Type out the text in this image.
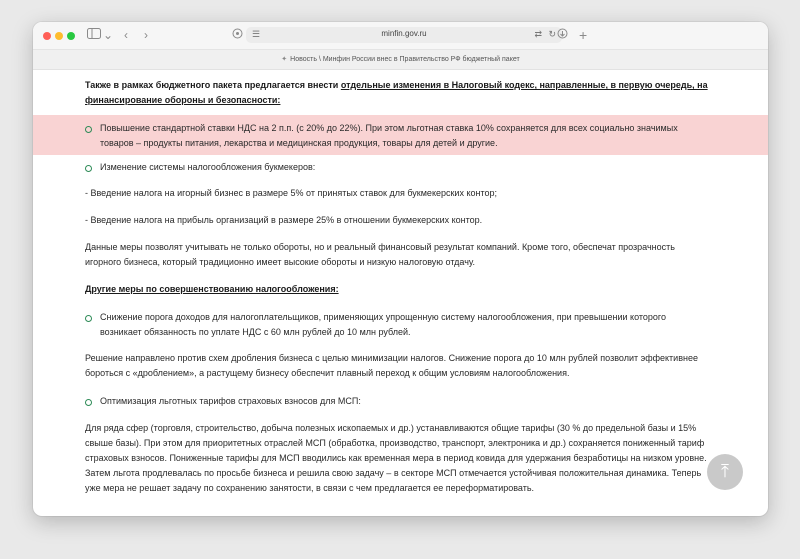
⌄ ‹ ›	☰	minfin.gov.ru	⇄ ↻ +
✦ Новость \ Минфин России внес в Правительство РФ бюджетный пакет

Также в рамках бюджетного пакета предлагается внести отдельные изменения в Налоговый кодекс, направленные, в первую очередь, на финансирование обороны и безопасности:

Повышение стандартной ставки НДС на 2 п.п. (с 20% до 22%). При этом льготная ставка 10% сохраняется для всех социально значимых товаров – продукты питания, лекарства и медицинская продукция, товары для детей и другие.

Изменение системы налогообложения букмекеров:

- Введение налога на игорный бизнес в размере 5% от принятых ставок для букмекерских контор;

- Введение налога на прибыль организаций в размере 25% в отношении букмекерских контор.

Данные меры позволят учитывать не только обороты, но и реальный финансовый результат компаний. Кроме того, обеспечат прозрачность игорного бизнеса, который традиционно имеет высокие обороты и низкую налоговую отдачу.

Другие меры по совершенствованию налогообложения:

Снижение порога доходов для налогоплательщиков, применяющих упрощенную систему налогообложения, при превышении которого возникает обязанность по уплате НДС с 60 млн рублей до 10 млн рублей.

Решение направлено против схем дробления бизнеса с целью минимизации налогов. Снижение порога до 10 млн рублей позволит эффективнее бороться с «дроблением», а растущему бизнесу обеспечит плавный переход к общим условиям налогообложения.

Оптимизация льготных тарифов страховых взносов для МСП:

Для ряда сфер (торговля, строительство, добыча полезных ископаемых и др.) устанавливаются общие тарифы (30 % до предельной базы и 15% свыше базы). При этом для приоритетных отраслей МСП (обработка, производство, транспорт, электроника и др.) сохраняется пониженный тариф страховых взносов. Пониженные тарифы для МСП вводились как временная мера в период ковида для удержания безработицы на низком уровне. Затем льгота продлевалась по просьбе бизнеса и решила свою задачу – в секторе МСП отмечается устойчивая положительная динамика. Теперь уже мера не решает задачу по сохранению занятости, в связи с чем предлагается ее переформатировать.

⤒
